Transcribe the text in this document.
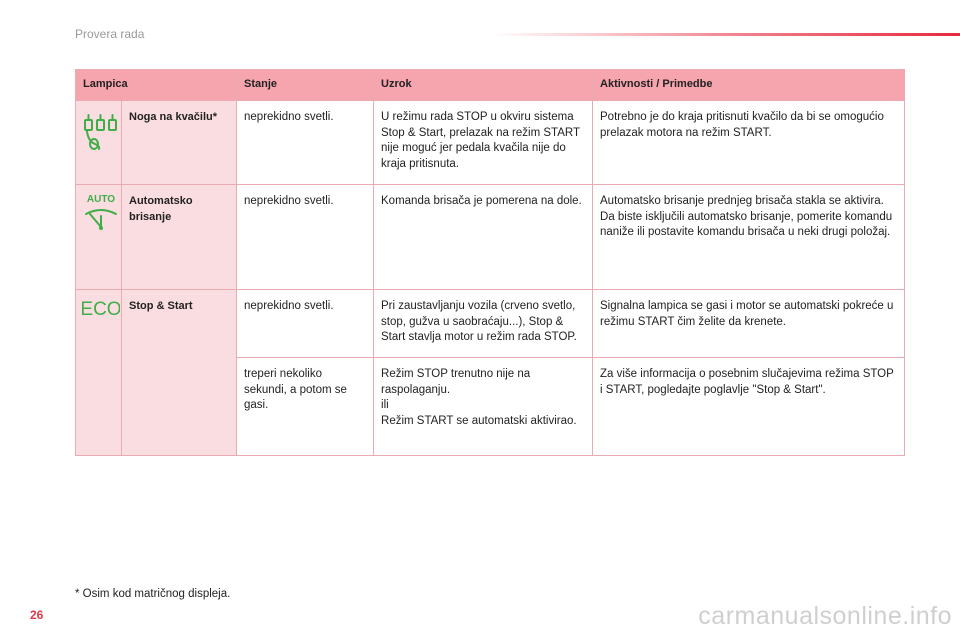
Provera rada
Lampica		Stanje	Uzrok	Aktivnosti / Primedbe

	Noga na kvačilu*	neprekidno svetli.	U režimu rada STOP u okviru sistema Stop & Start, prelazak na režim START nije moguć jer pedala kvačila nije do kraja pritisnuta.	Potrebno je do kraja pritisnuti kvačilo da bi se omogućio prelazak motora na režim START.

AUTO	Automatsko brisanje	neprekidno svetli.	Komanda brisača je pomerena na dole.	Automatsko brisanje prednjeg brisača stakla se aktivira.
Da biste isključili automatsko brisanje, pomerite komandu naniže ili postavite komandu brisača u neki drugi položaj.

ECO	Stop & Start	neprekidno svetli.	Pri zaustavljanju vozila (crveno svetlo, stop, gužva u saobraćaju...), Stop & Start stavlja motor u režim rada STOP.	Signalna lampica se gasi i motor se automatski pokreće u režimu START čim želite da krenete.
		treperi nekoliko sekundi, a potom se gasi.	Režim STOP trenutno nije na raspolaganju.
ili
Režim START se automatski aktivirao.	Za više informacija o posebnim slučajevima režima STOP i START, pogledajte poglavlje "Stop & Start".
* Osim kod matričnog displeja.
26	carmanualsonline.info
